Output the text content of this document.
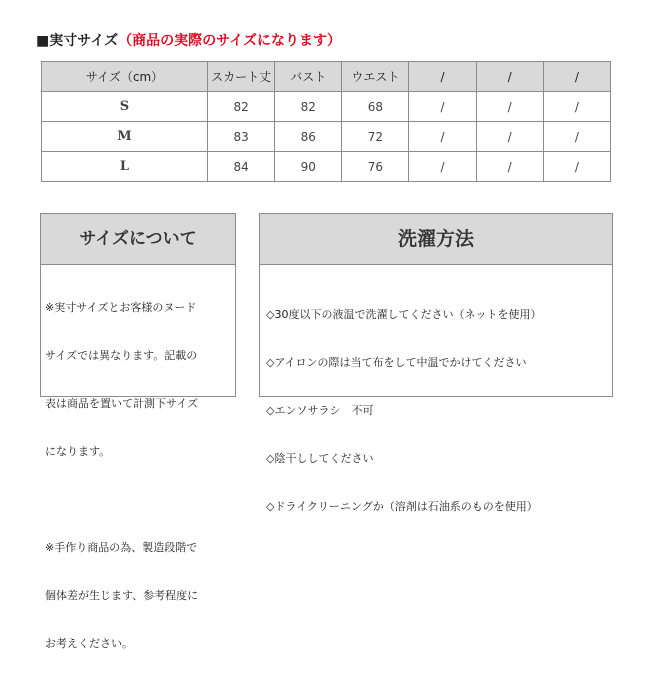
■実寸サイズ（商品の実際のサイズになります）
サイズ（cm）	スカート丈	バスト	ウエスト	/	/	/
S	82	82	68	/	/	/
M	83	86	72	/	/	/
L	84	90	76	/	/	/
サイズについて

※実寸サイズとお客様のヌード

サイズでは異なります。記載の

表は商品を置いて計測下サイズ

になります。

※手作り商品の為、製造段階で

個体差が生じます、参考程度に

お考えください。

洗濯方法

◇30度以下の液温で洗濯してください（ネットを使用）

◇アイロンの際は当て布をして中温でかけてください

◇エンソサラシ　不可

◇陰干ししてください

◇ドライクリーニングか（溶剤は石油系のものを使用）
